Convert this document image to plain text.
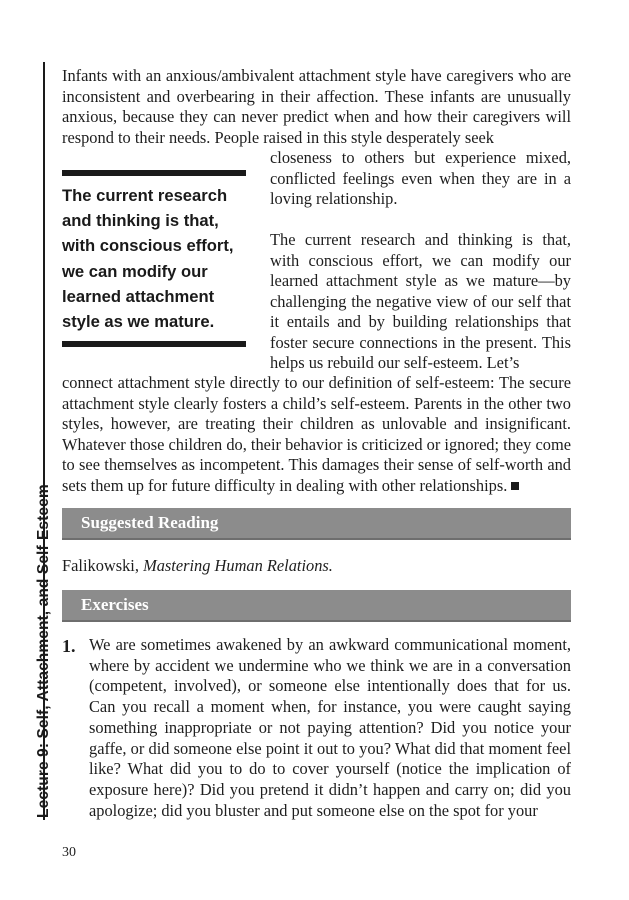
Lecture 9: Self, Attachment, and Self-Esteem

Infants with an anxious/ambivalent attachment style have caregivers who are inconsistent and overbearing in their affection. These infants are unusually anxious, because they can never predict when and how their caregivers will respond to their needs. People raised in this style desperately seek

The current research and thinking is that, with conscious effort, we can modify our learned attachment style as we mature.

closeness to others but experience mixed, conflicted feelings even when they are in a loving relationship.

The current research and thinking is that, with conscious effort, we can modify our learned attachment style as we mature—by challenging the negative view of our self that it entails and by building relationships that foster secure connections in the present. This helps us rebuild our self-esteem. Let’s

connect attachment style directly to our definition of self-esteem: The secure attachment style clearly fosters a child’s self-esteem. Parents in the other two styles, however, are treating their children as unlovable and insignificant. Whatever those children do, their behavior is criticized or ignored; they come to see themselves as incompetent. This damages their sense of self-worth and sets them up for future difficulty in dealing with other relationships.

Suggested Reading

Falikowski, Mastering Human Relations.

Exercises
1. We are sometimes awakened by an awkward communicational moment, where by accident we undermine who we think we are in a conversation (competent, involved), or someone else intentionally does that for us. Can you recall a moment when, for instance, you were caught saying something inappropriate or not paying attention? Did you notice your gaffe, or did someone else point it out to you? What did that moment feel like? What did you to do to cover yourself (notice the implication of exposure here)? Did you pretend it didn’t happen and carry on; did you apologize; did you bluster and put someone else on the spot for your

30
